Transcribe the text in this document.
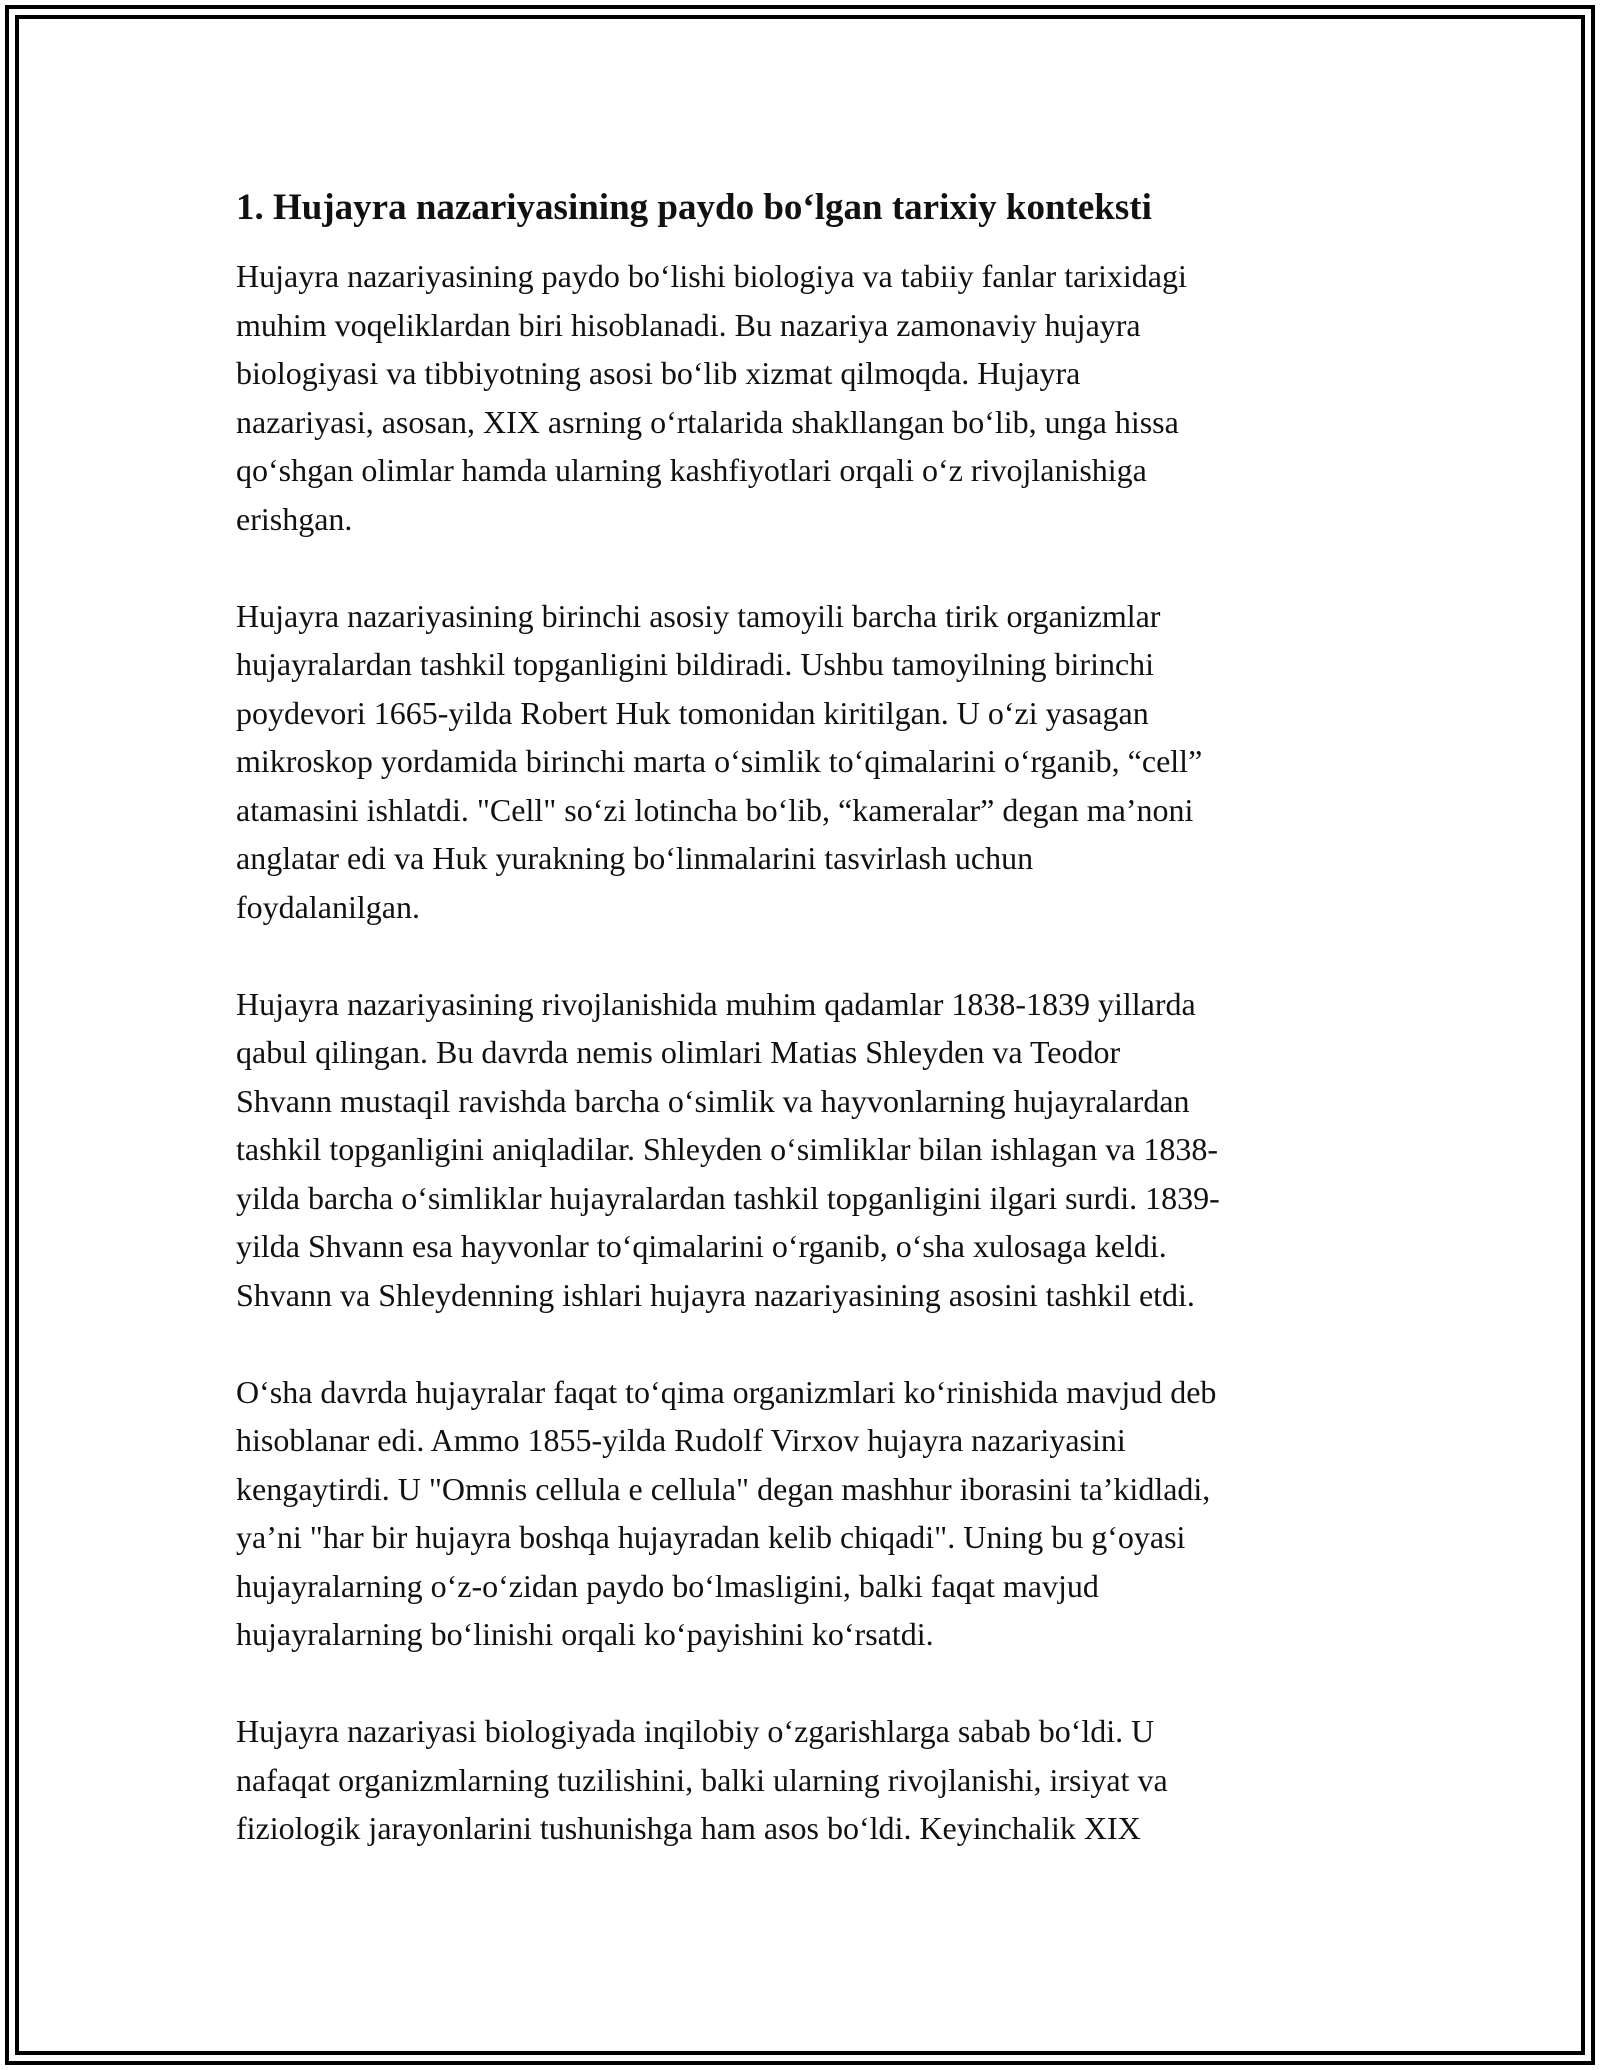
1. Hujayra nazariyasining paydo boʻlgan tarixiy konteksti
Hujayra nazariyasining paydo boʻlishi biologiya va tabiiy fanlar tarixidagi
muhim voqeliklardan biri hisoblanadi. Bu nazariya zamonaviy hujayra
biologiyasi va tibbiyotning asosi boʻlib xizmat qilmoqda. Hujayra
nazariyasi, asosan, XIX asrning oʻrtalarida shakllangan boʻlib, unga hissa
qoʻshgan olimlar hamda ularning kashfiyotlari orqali oʻz rivojlanishiga
erishgan.
Hujayra nazariyasining birinchi asosiy tamoyili barcha tirik organizmlar
hujayralardan tashkil topganligini bildiradi. Ushbu tamoyilning birinchi
poydevori 1665-yilda Robert Huk tomonidan kiritilgan. U oʻzi yasagan
mikroskop yordamida birinchi marta oʻsimlik toʻqimalarini oʻrganib, “cell”
atamasini ishlatdi. "Cell" soʻzi lotincha boʻlib, “kameralar” degan ma’noni
anglatar edi va Huk yurakning boʻlinmalarini tasvirlash uchun
foydalanilgan.
Hujayra nazariyasining rivojlanishida muhim qadamlar 1838-1839 yillarda
qabul qilingan. Bu davrda nemis olimlari Matias Shleyden va Teodor
Shvann mustaqil ravishda barcha oʻsimlik va hayvonlarning hujayralardan
tashkil topganligini aniqladilar. Shleyden oʻsimliklar bilan ishlagan va 1838-
yilda barcha oʻsimliklar hujayralardan tashkil topganligini ilgari surdi. 1839-
yilda Shvann esa hayvonlar toʻqimalarini oʻrganib, oʻsha xulosaga keldi.
Shvann va Shleydenning ishlari hujayra nazariyasining asosini tashkil etdi.
Oʻsha davrda hujayralar faqat toʻqima organizmlari koʻrinishida mavjud deb
hisoblanar edi. Ammo 1855-yilda Rudolf Virxov hujayra nazariyasini
kengaytirdi. U "Omnis cellula e cellula" degan mashhur iborasini ta’kidladi,
ya’ni "har bir hujayra boshqa hujayradan kelib chiqadi". Uning bu gʻoyasi
hujayralarning oʻz-oʻzidan paydo boʻlmasligini, balki faqat mavjud
hujayralarning boʻlinishi orqali koʻpayishini koʻrsatdi.
Hujayra nazariyasi biologiyada inqilobiy oʻzgarishlarga sabab boʻldi. U
nafaqat organizmlarning tuzilishini, balki ularning rivojlanishi, irsiyat va
fiziologik jarayonlarini tushunishga ham asos boʻldi. Keyinchalik XIX
